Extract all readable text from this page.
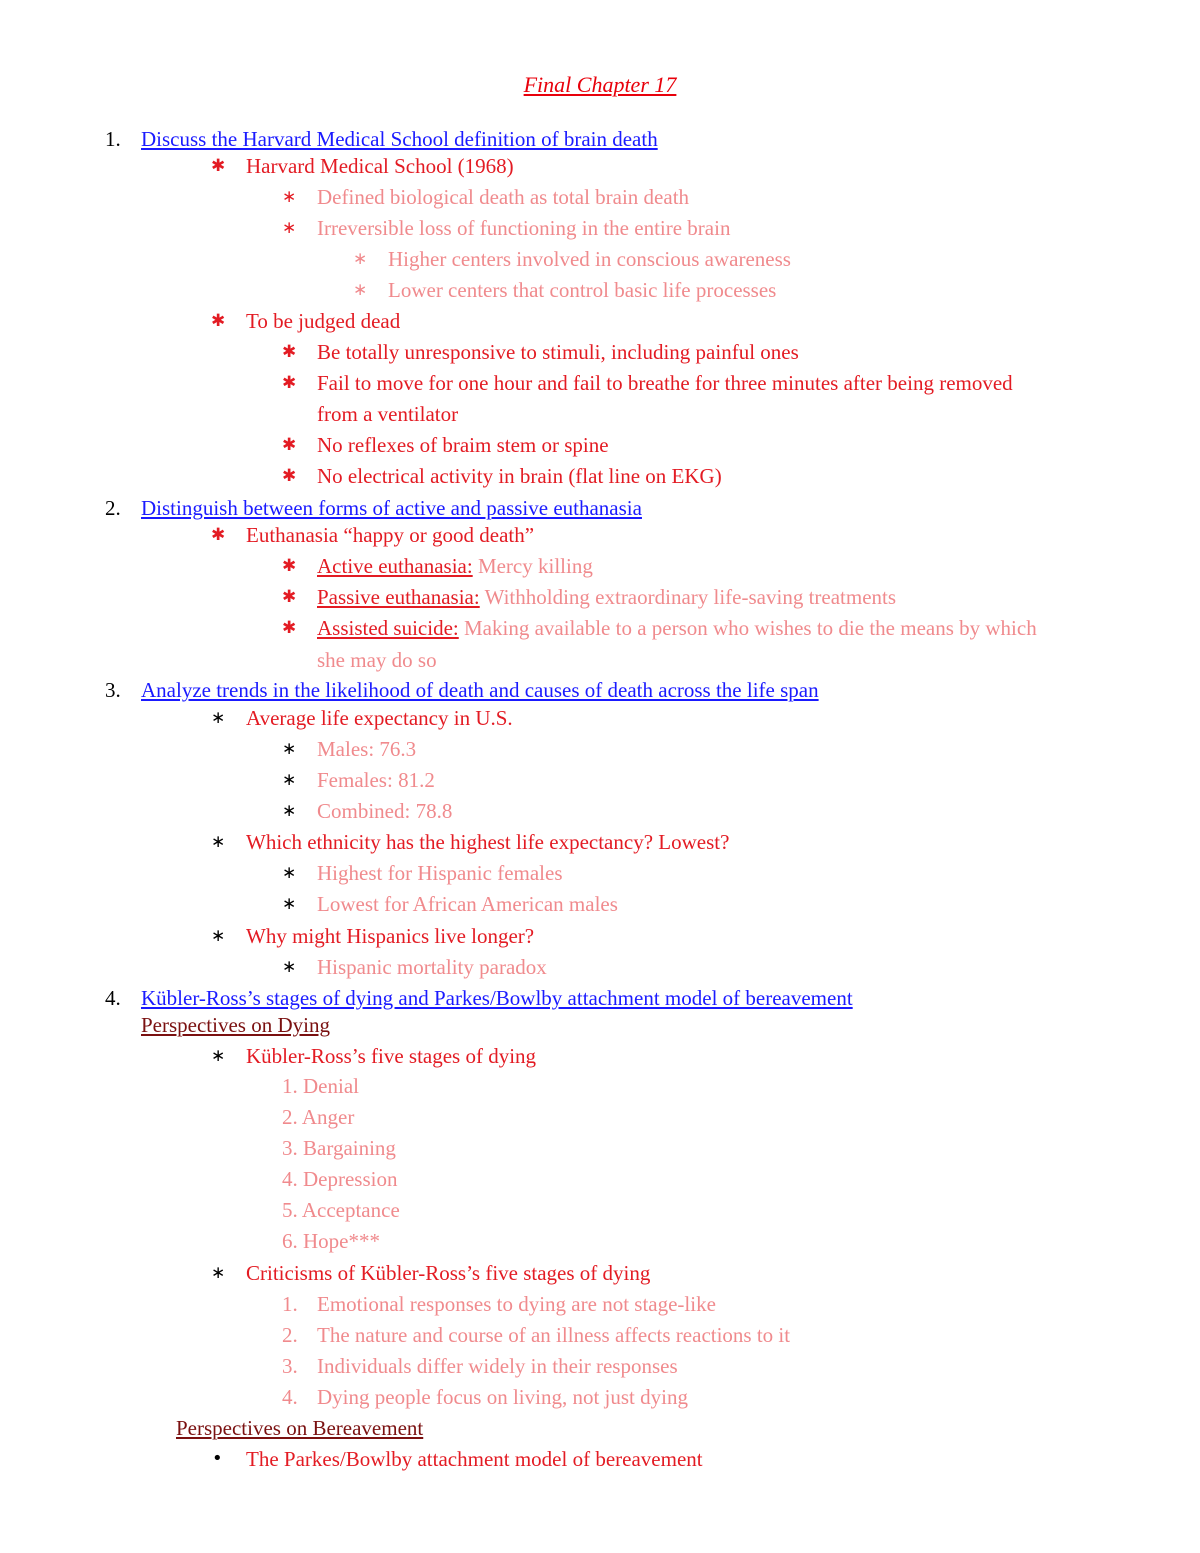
Final Chapter 17
1. Discuss the Harvard Medical School definition of brain death
✱ Harvard Medical School (1968)
∗ Defined biological death as total brain death
∗ Irreversible loss of functioning in the entire brain
∗ Higher centers involved in conscious awareness
∗ Lower centers that control basic life processes
✱ To be judged dead
✱ Be totally unresponsive to stimuli, including painful ones
✱ Fail to move for one hour and fail to breathe for three minutes after being removed
from a ventilator
✱ No reflexes of braim stem or spine
✱ No electrical activity in brain (flat line on EKG)
2. Distinguish between forms of active and passive euthanasia
✱ Euthanasia “happy or good death”
✱ Active euthanasia: Mercy killing
✱ Passive euthanasia: Withholding extraordinary life-saving treatments
✱ Assisted suicide: Making available to a person who wishes to die the means by which
she may do so
3. Analyze trends in the likelihood of death and causes of death across the life span
∗ Average life expectancy in U.S.
∗ Males: 76.3
∗ Females: 81.2
∗ Combined: 78.8
∗ Which ethnicity has the highest life expectancy? Lowest?
∗ Highest for Hispanic females
∗ Lowest for African American males
∗ Why might Hispanics live longer?
∗ Hispanic mortality paradox
4. Kübler-Ross’s stages of dying and Parkes/Bowlby attachment model of bereavement
Perspectives on Dying
∗ Kübler-Ross’s five stages of dying
1. Denial
2. Anger
3. Bargaining
4. Depression
5. Acceptance
6. Hope***
∗ Criticisms of Kübler-Ross’s five stages of dying
1. Emotional responses to dying are not stage-like
2. The nature and course of an illness affects reactions to it
3. Individuals differ widely in their responses
4. Dying people focus on living, not just dying
Perspectives on Bereavement
• The Parkes/Bowlby attachment model of bereavement
